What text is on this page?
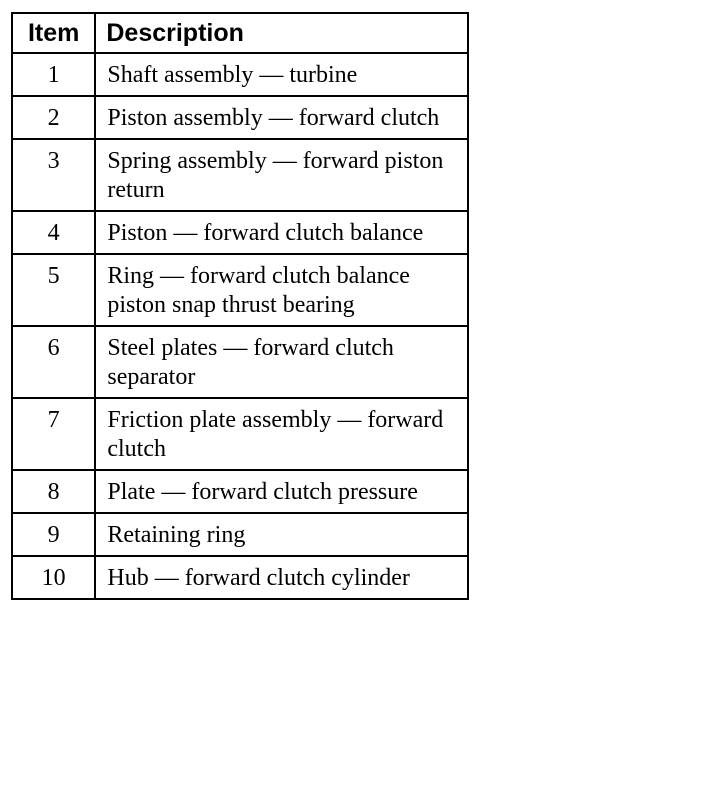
Item	Description
1	Shaft assembly — turbine
2	Piston assembly — forward clutch
3	Spring assembly — forward piston return
4	Piston — forward clutch balance
5	Ring — forward clutch balance piston snap thrust bearing
6	Steel plates — forward clutch separator
7	Friction plate assembly — forward clutch
8	Plate — forward clutch pressure
9	Retaining ring
10	Hub — forward clutch cylinder
